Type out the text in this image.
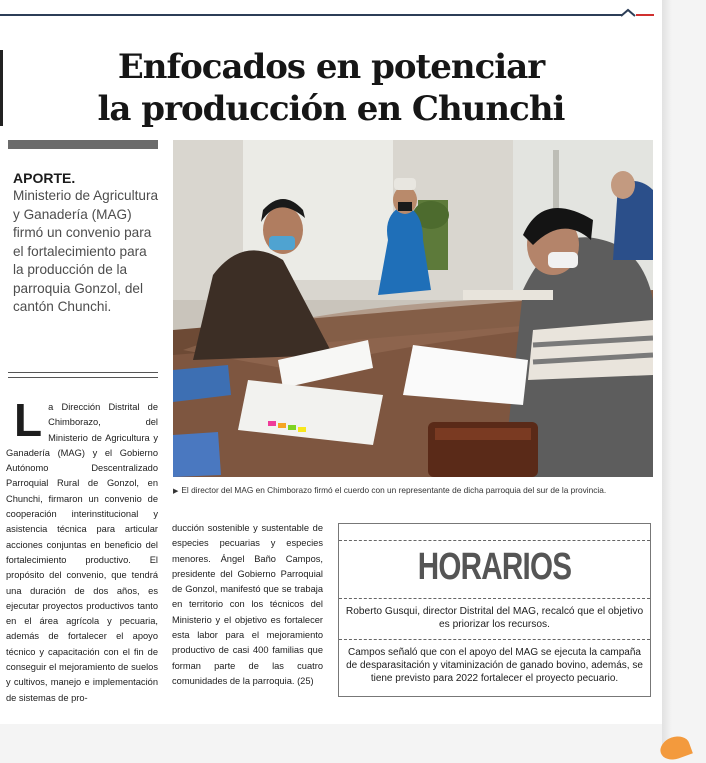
Enfocados en potenciar
la producción en Chunchi

APORTE.

Ministerio de Agricultura y Ganadería (MAG) firmó un convenio para el fortalecimiento para la producción de la parroquia Gonzol, del cantón Chunchi.

▶ El director del MAG en Chimborazo firmó el cuerdo con un representante de dicha parroquia del sur de la provincia.

La Dirección Distrital de Chimborazo, del Ministerio de Agricultura y Ganadería (MAG) y el Gobierno Autónomo Descentralizado Parroquial Rural de Gonzol, en Chunchi, firmaron un convenio de cooperación interinstitucional y asistencia técnica para articular acciones conjuntas en beneficio del fortalecimiento productivo. El propósito del convenio, que tendrá una duración de dos años, es ejecutar proyectos productivos tanto en el área agrícola y pecuaria, además de fortalecer el apoyo técnico y capacitación con el fin de conseguir el mejoramiento de suelos y cultivos, manejo e implementación de sistemas de pro-

ducción sostenible y sustentable de especies pecuarias y especies menores. Ángel Baño Campos, presidente del Gobierno Parroquial de Gonzol, manifestó que se trabaja en territorio con los técnicos del Ministerio y el objetivo es fortalecer esta labor para el mejoramiento productivo de casi 400 familias que forman parte de las cuatro comunidades de la parroquia. (25)

HORARIOS

Roberto Gusqui, director Distrital del MAG, recalcó que el objetivo es priorizar los recursos.

Campos señaló que con el apoyo del MAG se ejecuta la campaña de desparasitación y vitaminización de ganado bovino, además, se tiene previsto para 2022 fortalecer el proyecto pecuario.
